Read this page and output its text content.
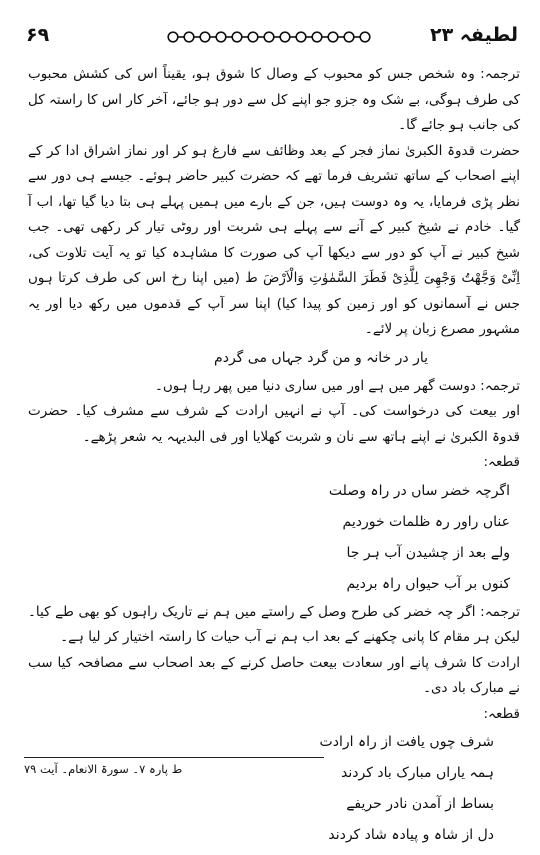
۶۹	لطیفہ ۲۳

ترجمہ: وہ شخص جس کو محبوب کے وصال کا شوق ہو، یقیناً اس کی کشش محبوب کی طرف ہوگی، بے شک وہ جزو جو اپنے کل سے دور ہو جائے، آخر کار اس کا راستہ کل کی جانب ہو جائے گا۔

حضرت قدوۃ الکبریٰ نماز فجر کے بعد وظائف سے فارغ ہو کر اور نماز اشراق ادا کر کے اپنے اصحاب کے ساتھ تشریف فرما تھے کہ حضرت کبیر حاضر ہوئے۔ جیسے ہی دور سے نظر پڑی فرمایا، یہ وہ دوست ہیں، جن کے بارے میں ہمیں پہلے ہی بتا دیا گیا تھا، اب آ گیا۔ خادم نے شیخ کبیر کے آنے سے پہلے ہی شربت اور روٹی تیار کر رکھی تھی۔ جب شیخ کبیر نے آپ کو دور سے دیکھا آپ کی صورت کا مشاہدہ کیا تو یہ آیت تلاوت کی، اِنِّیْ وَجَّھْتُ وَجْھِیَ لِلَّذِیْ فَطَرَ السَّمٰوٰتِ وَالْاَرْضَ ط (میں اپنا رخ اس کی طرف کرتا ہوں جس نے آسمانوں کو اور زمین کو پیدا کیا) اپنا سر آپ کے قدموں میں رکھ دیا اور یہ مشہور مصرع زبان پر لائے۔

یار در خانہ و من گرد جہاں می گردم

ترجمہ: دوست گھر میں ہے اور میں ساری دنیا میں پھر رہا ہوں۔

اور بیعت کی درخواست کی۔ آپ نے انہیں ارادت کے شرف سے مشرف کیا۔ حضرت قدوۃ الکبریٰ نے اپنے ہاتھ سے نان و شربت کھلایا اور فی البدیہہ یہ شعر پڑھے۔

قطعہ:

اگرچہ خضر ساں در راہ وصلت

عناں راور رہ ظلمات خوردیم

ولے بعد از چشیدن آب ہر جا

کنوں بر آب حیواں راہ بردیم

ترجمہ: اگر چہ خضر کی طرح وصل کے راستے میں ہم نے تاریک راہوں کو بھی طے کیا۔ لیکن ہر مقام کا پانی چکھنے کے بعد اب ہم نے آب حیات کا راستہ اختیار کر لیا ہے۔

ارادت کا شرف پانے اور سعادت بیعت حاصل کرنے کے بعد اصحاب سے مصافحہ کیا سب نے مبارک باد دی۔

قطعہ:

شرف چوں یافت از راہ ارادت

ہمہ یاراں مبارک باد کردند

بساط از آمدن نادر حریفے

دل از شاہ و پیادہ شاد کردند

ط پارہ ۷۔ سورۃ الانعام۔ آیت ۷۹
